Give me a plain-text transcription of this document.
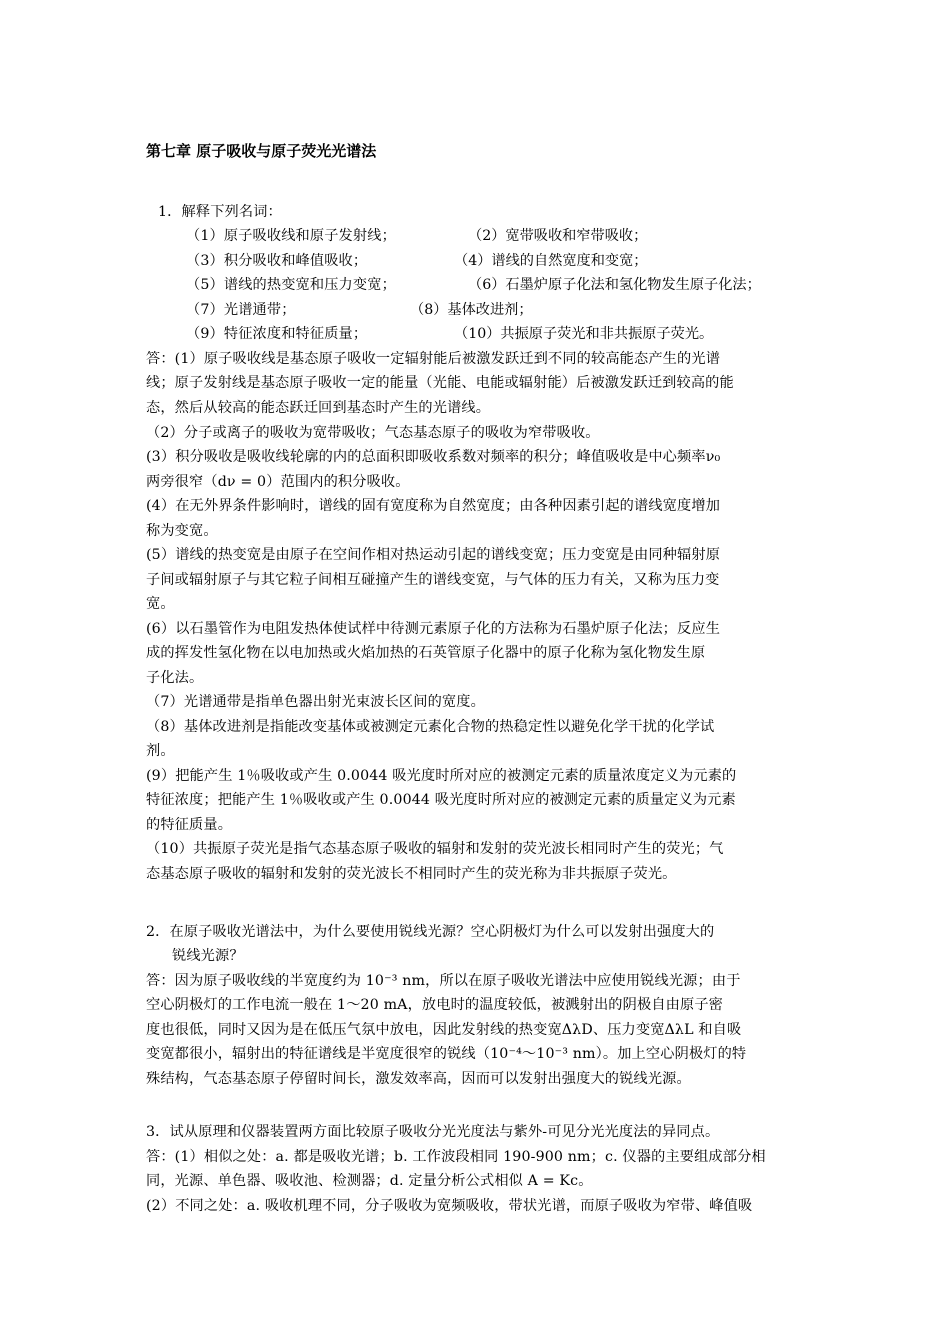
第七章 原子吸收与原子荧光光谱法
1．解释下列名词：
（1）原子吸收线和原子发射线；	（2）宽带吸收和窄带吸收；
（3）积分吸收和峰值吸收；	（4）谱线的自然宽度和变宽；
（5）谱线的热变宽和压力变宽；	（6）石墨炉原子化法和氢化物发生原子化法；
（7）光谱通带；	（8）基体改进剂；
（9）特征浓度和特征质量；	（10）共振原子荧光和非共振原子荧光。
答：(1）原子吸收线是基态原子吸收一定辐射能后被激发跃迁到不同的较高能态产生的光谱
线；原子发射线是基态原子吸收一定的能量（光能、电能或辐射能）后被激发跃迁到较高的能
态，然后从较高的能态跃迁回到基态时产生的光谱线。
（2）分子或离子的吸收为宽带吸收；气态基态原子的吸收为窄带吸收。
(3）积分吸收是吸收线轮廓的内的总面积即吸收系数对频率的积分；峰值吸收是中心频率ν₀
两旁很窄（dν = 0）范围内的积分吸收。
(4）在无外界条件影响时，谱线的固有宽度称为自然宽度；由各种因素引起的谱线宽度增加
称为变宽。
(5）谱线的热变宽是由原子在空间作相对热运动引起的谱线变宽；压力变宽是由同种辐射原
子间或辐射原子与其它粒子间相互碰撞产生的谱线变宽，与气体的压力有关，又称为压力变
宽。
(6）以石墨管作为电阻发热体使试样中待测元素原子化的方法称为石墨炉原子化法；反应生
成的挥发性氢化物在以电加热或火焰加热的石英管原子化器中的原子化称为氢化物发生原
子化法。
（7）光谱通带是指单色器出射光束波长区间的宽度。
（8）基体改进剂是指能改变基体或被测定元素化合物的热稳定性以避免化学干扰的化学试
剂。
(9）把能产生 1％吸收或产生 0.0044 吸光度时所对应的被测定元素的质量浓度定义为元素的
特征浓度；把能产生 1％吸收或产生 0.0044 吸光度时所对应的被测定元素的质量定义为元素
的特征质量。
（10）共振原子荧光是指气态基态原子吸收的辐射和发射的荧光波长相同时产生的荧光；气
态基态原子吸收的辐射和发射的荧光波长不相同时产生的荧光称为非共振原子荧光。
2．在原子吸收光谱法中，为什么要使用锐线光源？空心阴极灯为什么可以发射出强度大的
锐线光源？
答：因为原子吸收线的半宽度约为 10⁻³ nm，所以在原子吸收光谱法中应使用锐线光源；由于
空心阴极灯的工作电流一般在 1～20 mA，放电时的温度较低，被溅射出的阴极自由原子密
度也很低，同时又因为是在低压气氛中放电，因此发射线的热变宽ΔλD、压力变宽ΔλL 和自吸
变宽都很小，辐射出的特征谱线是半宽度很窄的锐线（10⁻⁴～10⁻³ nm）。加上空心阴极灯的特
殊结构，气态基态原子停留时间长，激发效率高，因而可以发射出强度大的锐线光源。
3．试从原理和仪器装置两方面比较原子吸收分光光度法与紫外-可见分光光度法的异同点。
答：(1）相似之处：a. 都是吸收光谱；b. 工作波段相同 190-900 nm；c. 仪器的主要组成部分相
同，光源、单色器、吸收池、检测器；d. 定量分析公式相似 A = Kc。
(2）不同之处：a. 吸收机理不同，分子吸收为宽频吸收，带状光谱，而原子吸收为窄带、峰值吸
